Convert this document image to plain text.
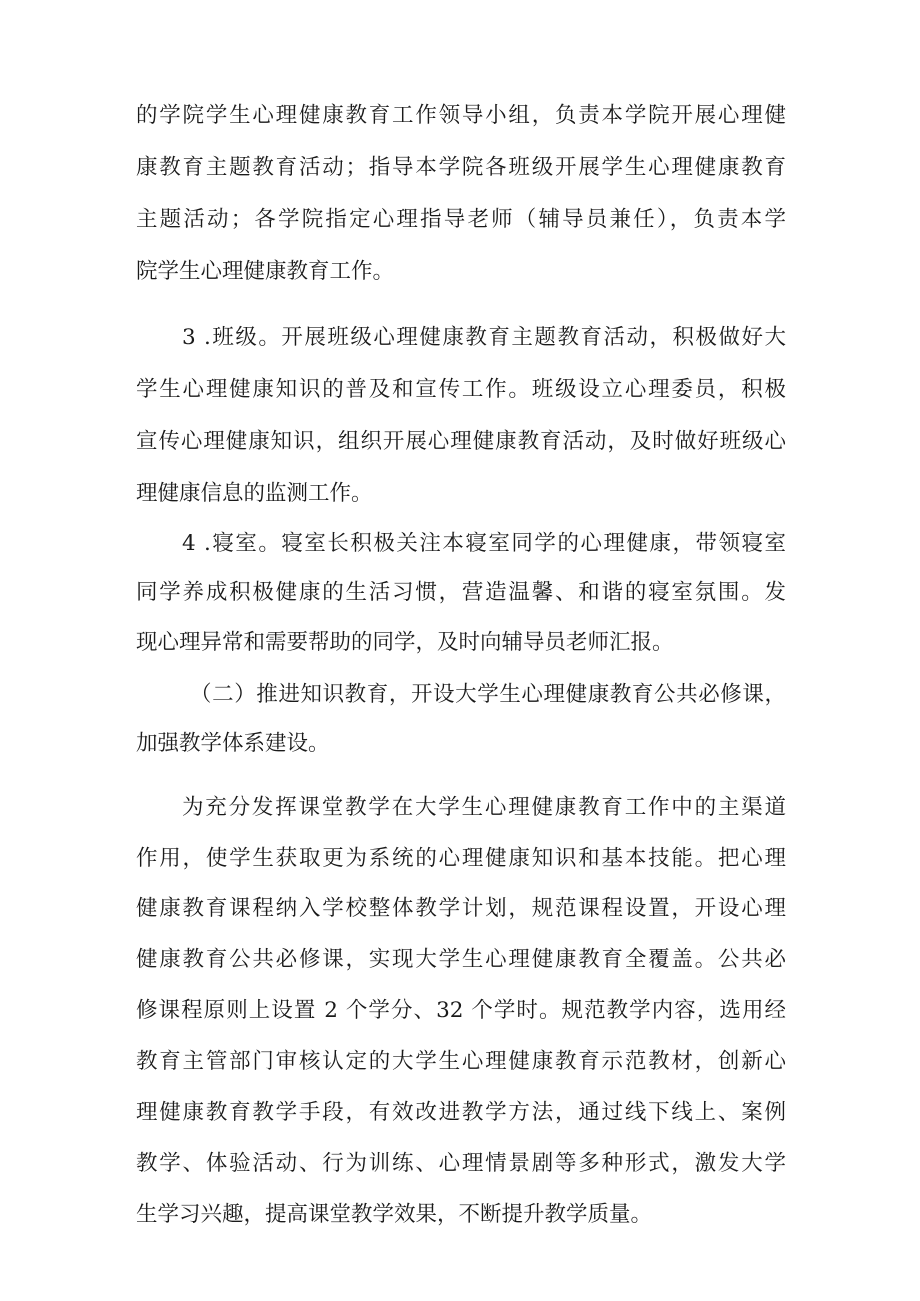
的学院学生心理健康教育工作领导小组，负责本学院开展心理健
康教育主题教育活动；指导本学院各班级开展学生心理健康教育
主题活动；各学院指定心理指导老师（辅导员兼任），负责本学
院学生心理健康教育工作。
3 .班级。开展班级心理健康教育主题教育活动，积极做好大
学生心理健康知识的普及和宣传工作。班级设立心理委员，积极
宣传心理健康知识，组织开展心理健康教育活动，及时做好班级心
理健康信息的监测工作。
4 .寝室。寝室长积极关注本寝室同学的心理健康，带领寝室
同学养成积极健康的生活习惯，营造温馨、和谐的寝室氛围。发
现心理异常和需要帮助的同学，及时向辅导员老师汇报。
（二）推进知识教育，开设大学生心理健康教育公共必修课，
加强教学体系建设。
为充分发挥课堂教学在大学生心理健康教育工作中的主渠道
作用，使学生获取更为系统的心理健康知识和基本技能。把心理
健康教育课程纳入学校整体教学计划，规范课程设置，开设心理
健康教育公共必修课，实现大学生心理健康教育全覆盖。公共必
修课程原则上设置 2 个学分、32 个学时。规范教学内容，选用经
教育主管部门审核认定的大学生心理健康教育示范教材，创新心
理健康教育教学手段，有效改进教学方法，通过线下线上、案例
教学、体验活动、行为训练、心理情景剧等多种形式，激发大学
生学习兴趣，提高课堂教学效果，不断提升教学质量。
